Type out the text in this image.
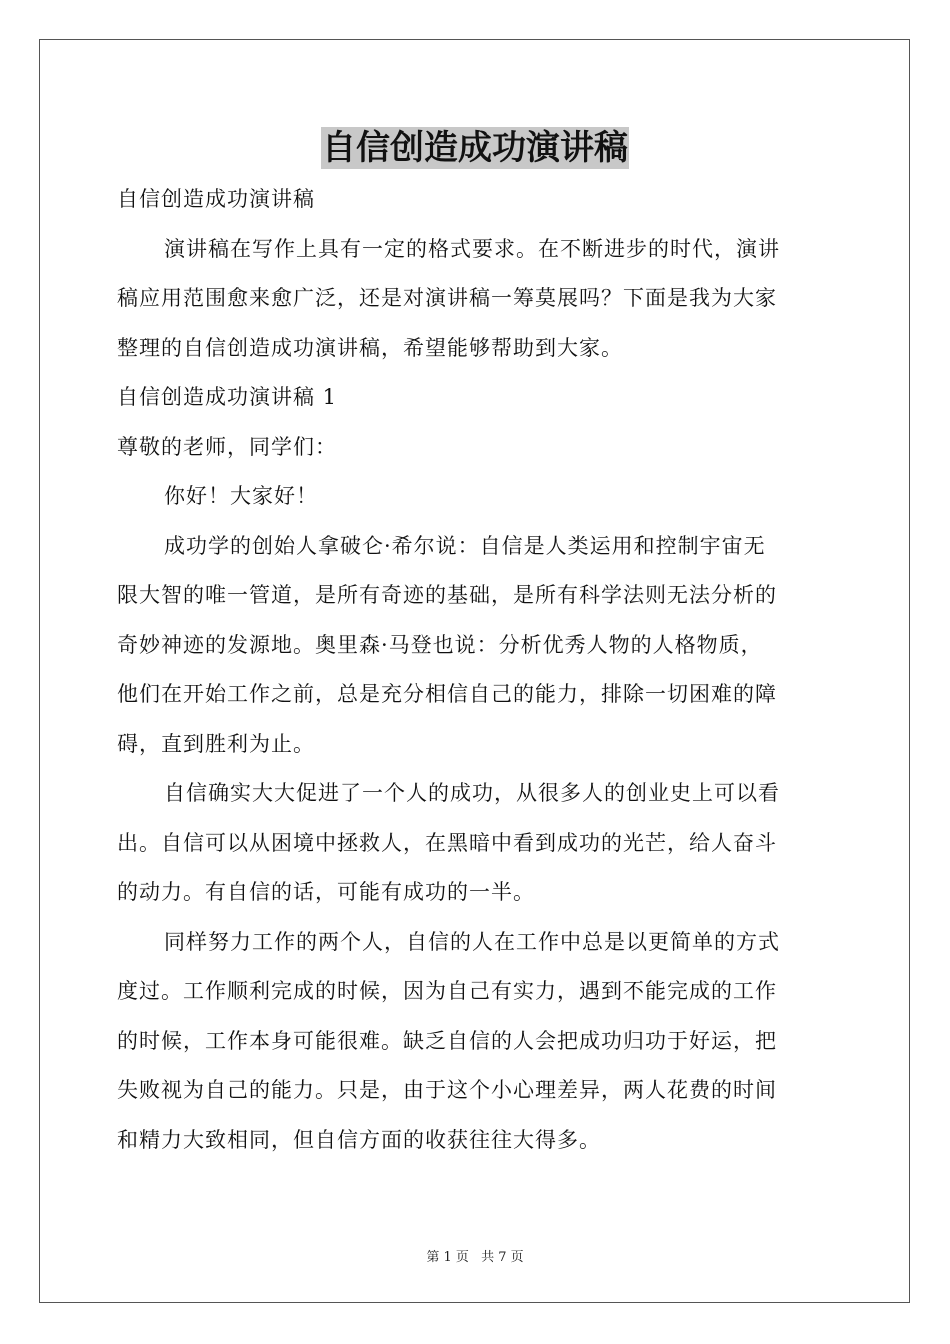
自信创造成功演讲稿
自信创造成功演讲稿
演讲稿在写作上具有一定的格式要求。在不断进步的时代，演讲
稿应用范围愈来愈广泛，还是对演讲稿一筹莫展吗？下面是我为大家
整理的自信创造成功演讲稿，希望能够帮助到大家。
自信创造成功演讲稿 1
尊敬的老师，同学们：
你好！大家好！
成功学的创始人拿破仑·希尔说：自信是人类运用和控制宇宙无
限大智的唯一管道，是所有奇迹的基础，是所有科学法则无法分析的
奇妙神迹的发源地。奥里森·马登也说：分析优秀人物的人格物质，
他们在开始工作之前，总是充分相信自己的能力，排除一切困难的障
碍，直到胜利为止。
自信确实大大促进了一个人的成功，从很多人的创业史上可以看
出。自信可以从困境中拯救人，在黑暗中看到成功的光芒，给人奋斗
的动力。有自信的话，可能有成功的一半。
同样努力工作的两个人，自信的人在工作中总是以更简单的方式
度过。工作顺利完成的时候，因为自己有实力，遇到不能完成的工作
的时候，工作本身可能很难。缺乏自信的人会把成功归功于好运，把
失败视为自己的能力。只是，由于这个小心理差异，两人花费的时间
和精力大致相同，但自信方面的收获往往大得多。
第 1 页 共 7 页
